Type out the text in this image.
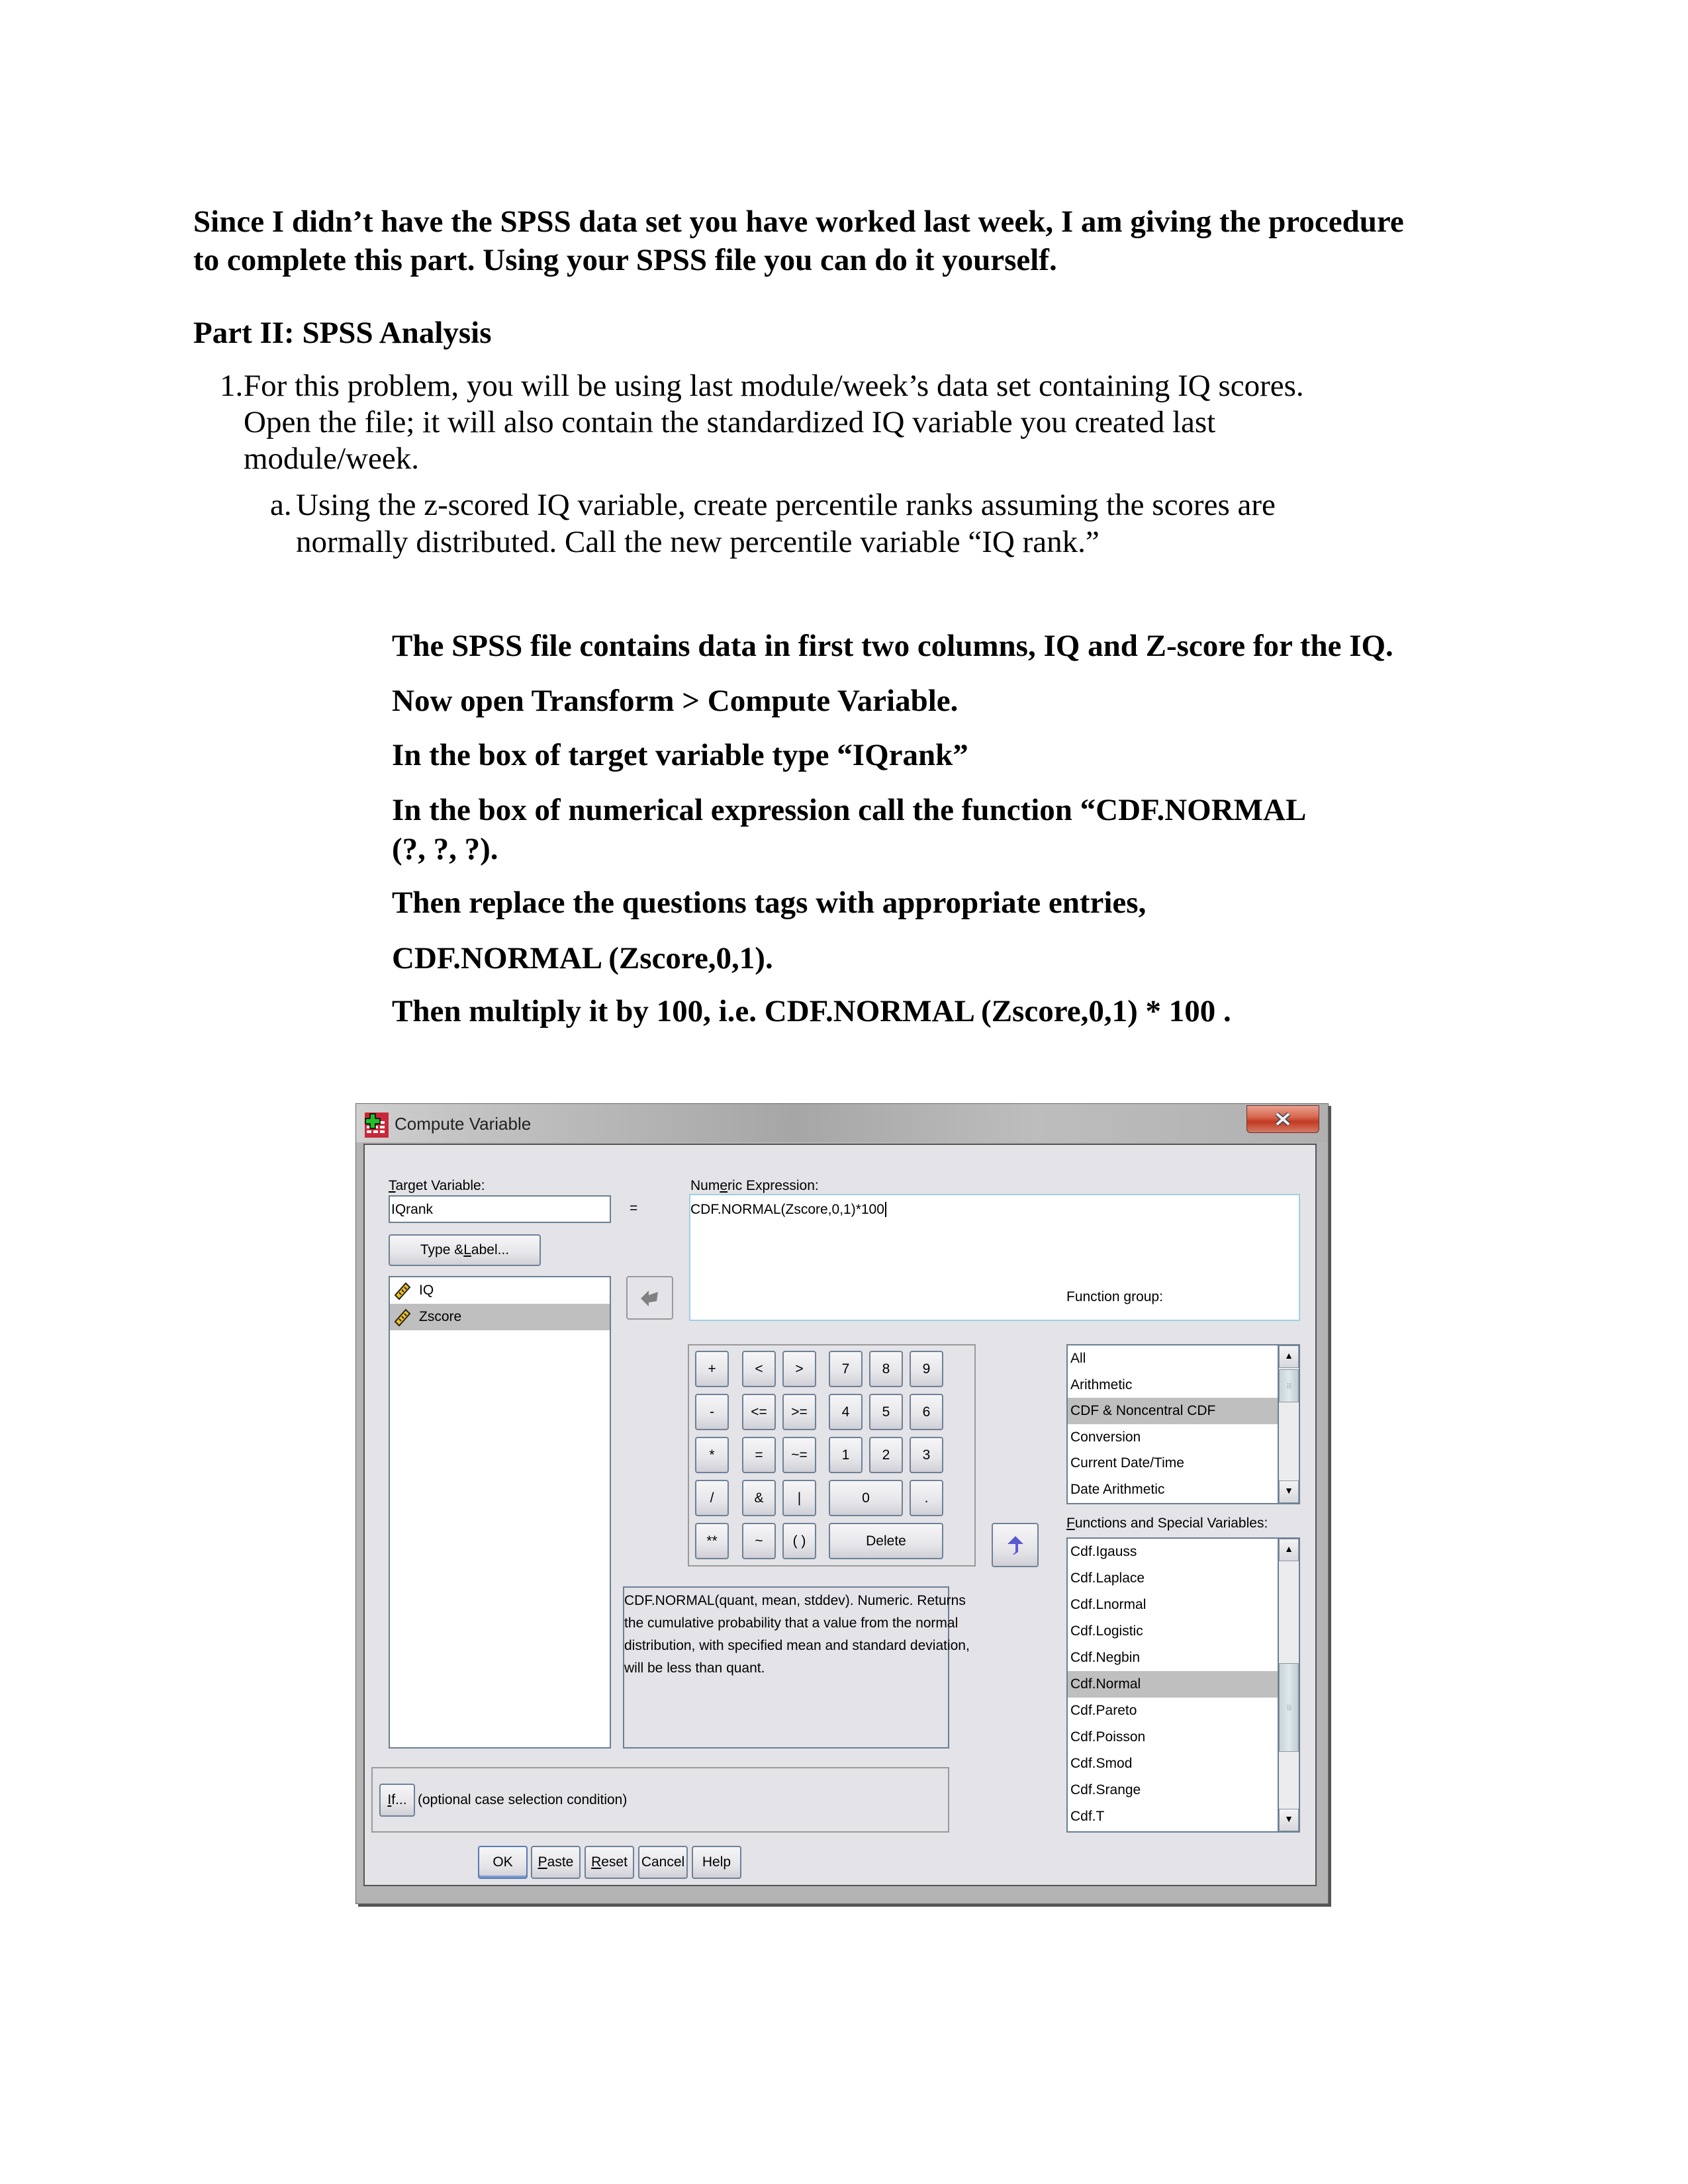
Since I didn’t have the SPSS data set you have worked last week, I am giving the procedure
to complete this part. Using your SPSS file you can do it yourself.
Part II: SPSS Analysis
1. For this problem, you will be using last module/week’s data set containing IQ scores.
Open the file; it will also contain the standardized IQ variable you created last
module/week.
a. Using the z-scored IQ variable, create percentile ranks assuming the scores are
normally distributed. Call the new percentile variable “IQ rank.”
The SPSS file contains data in first two columns, IQ and Z-score for the IQ.
Now open Transform > Compute Variable.
In the box of target variable type “IQrank”
In the box of numerical expression call the function “CDF.NORMAL
(?, ?, ?).
Then replace the questions tags with appropriate entries,
CDF.NORMAL (Zscore,0,1).
Then multiply it by 100, i.e. CDF.NORMAL (Zscore,0,1) * 100 .
Compute Variable
Target Variable:
IQrank	=
Numeric Expression:
CDF.NORMAL(Zscore,0,1)*100
Type & L abel...
IQ
Zscore
+	<	>	7	8	9
-	<=	>=	4	5	6
*	=	~=	1	2	3
/	&	|	0	.
**	~	( )	Delete
CDF.NORMAL(quant, mean, stddev). Numeric. Returns
the cumulative probability that a value from the normal
distribution, with specified mean and standard deviation,
will be less than quant.
Function group:
All
Arithmetic
CDF & Noncentral CDF
Conversion
Current Date/Time
Date Arithmetic
▲
⁞⁞⁞
▼
Functions and Special Variables:
Cdf.Igauss
Cdf.Laplace
Cdf.Lnormal
Cdf.Logistic
Cdf.Negbin
Cdf.Normal
Cdf.Pareto
Cdf.Poisson
Cdf.Smod
Cdf.Srange
Cdf.T
▲
⁞⁞⁞
▼
I f... (optional case selection condition)
OK P aste R eset Cancel Help
